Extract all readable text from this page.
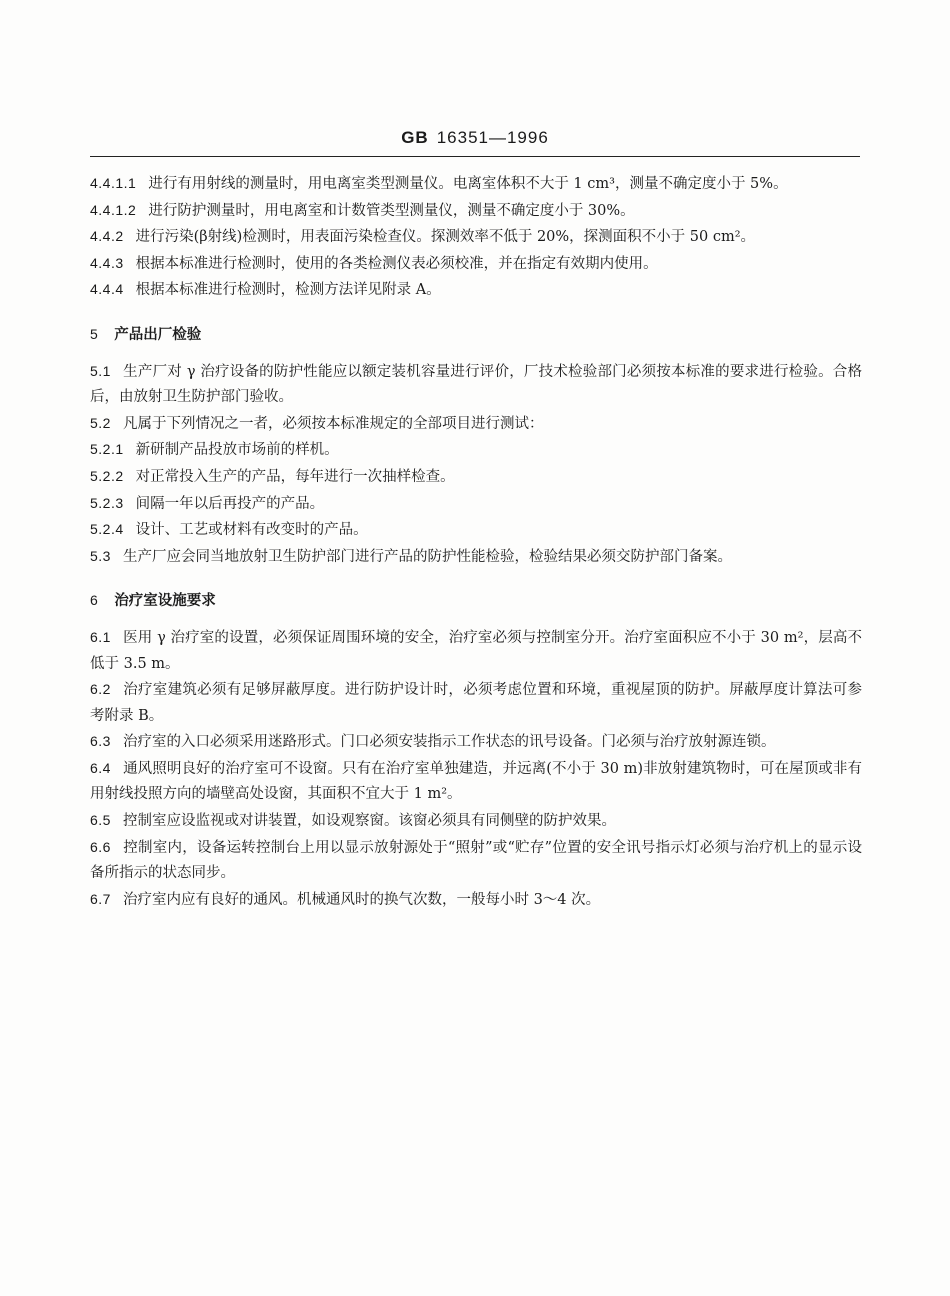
GB 16351—1996
4.4.1.1 进行有用射线的测量时，用电离室类型测量仪。电离室体积不大于 1 cm³，测量不确定度小于 5%。
4.4.1.2 进行防护测量时，用电离室和计数管类型测量仪，测量不确定度小于 30%。
4.4.2 进行污染(β射线)检测时，用表面污染检查仪。探测效率不低于 20%，探测面积不小于 50 cm²。
4.4.3 根据本标准进行检测时，使用的各类检测仪表必须校准，并在指定有效期内使用。
4.4.4 根据本标准进行检测时，检测方法详见附录 A。
5 产品出厂检验
5.1 生产厂对 γ 治疗设备的防护性能应以额定装机容量进行评价，厂技术检验部门必须按本标准的要求进行检验。合格后，由放射卫生防护部门验收。
5.2 凡属于下列情况之一者，必须按本标准规定的全部项目进行测试：
5.2.1 新研制产品投放市场前的样机。
5.2.2 对正常投入生产的产品，每年进行一次抽样检查。
5.2.3 间隔一年以后再投产的产品。
5.2.4 设计、工艺或材料有改变时的产品。
5.3 生产厂应会同当地放射卫生防护部门进行产品的防护性能检验，检验结果必须交防护部门备案。
6 治疗室设施要求
6.1 医用 γ 治疗室的设置，必须保证周围环境的安全，治疗室必须与控制室分开。治疗室面积应不小于 30 m²，层高不低于 3.5 m。
6.2 治疗室建筑必须有足够屏蔽厚度。进行防护设计时，必须考虑位置和环境，重视屋顶的防护。屏蔽厚度计算法可参考附录 B。
6.3 治疗室的入口必须采用迷路形式。门口必须安装指示工作状态的讯号设备。门必须与治疗放射源连锁。
6.4 通风照明良好的治疗室可不设窗。只有在治疗室单独建造，并远离(不小于 30 m)非放射建筑物时，可在屋顶或非有用射线投照方向的墙壁高处设窗，其面积不宜大于 1 m²。
6.5 控制室应设监视或对讲装置，如设观察窗。该窗必须具有同侧壁的防护效果。
6.6 控制室内，设备运转控制台上用以显示放射源处于“照射”或“贮存”位置的安全讯号指示灯必须与治疗机上的显示设备所指示的状态同步。
6.7 治疗室内应有良好的通风。机械通风时的换气次数，一般每小时 3～4 次。
